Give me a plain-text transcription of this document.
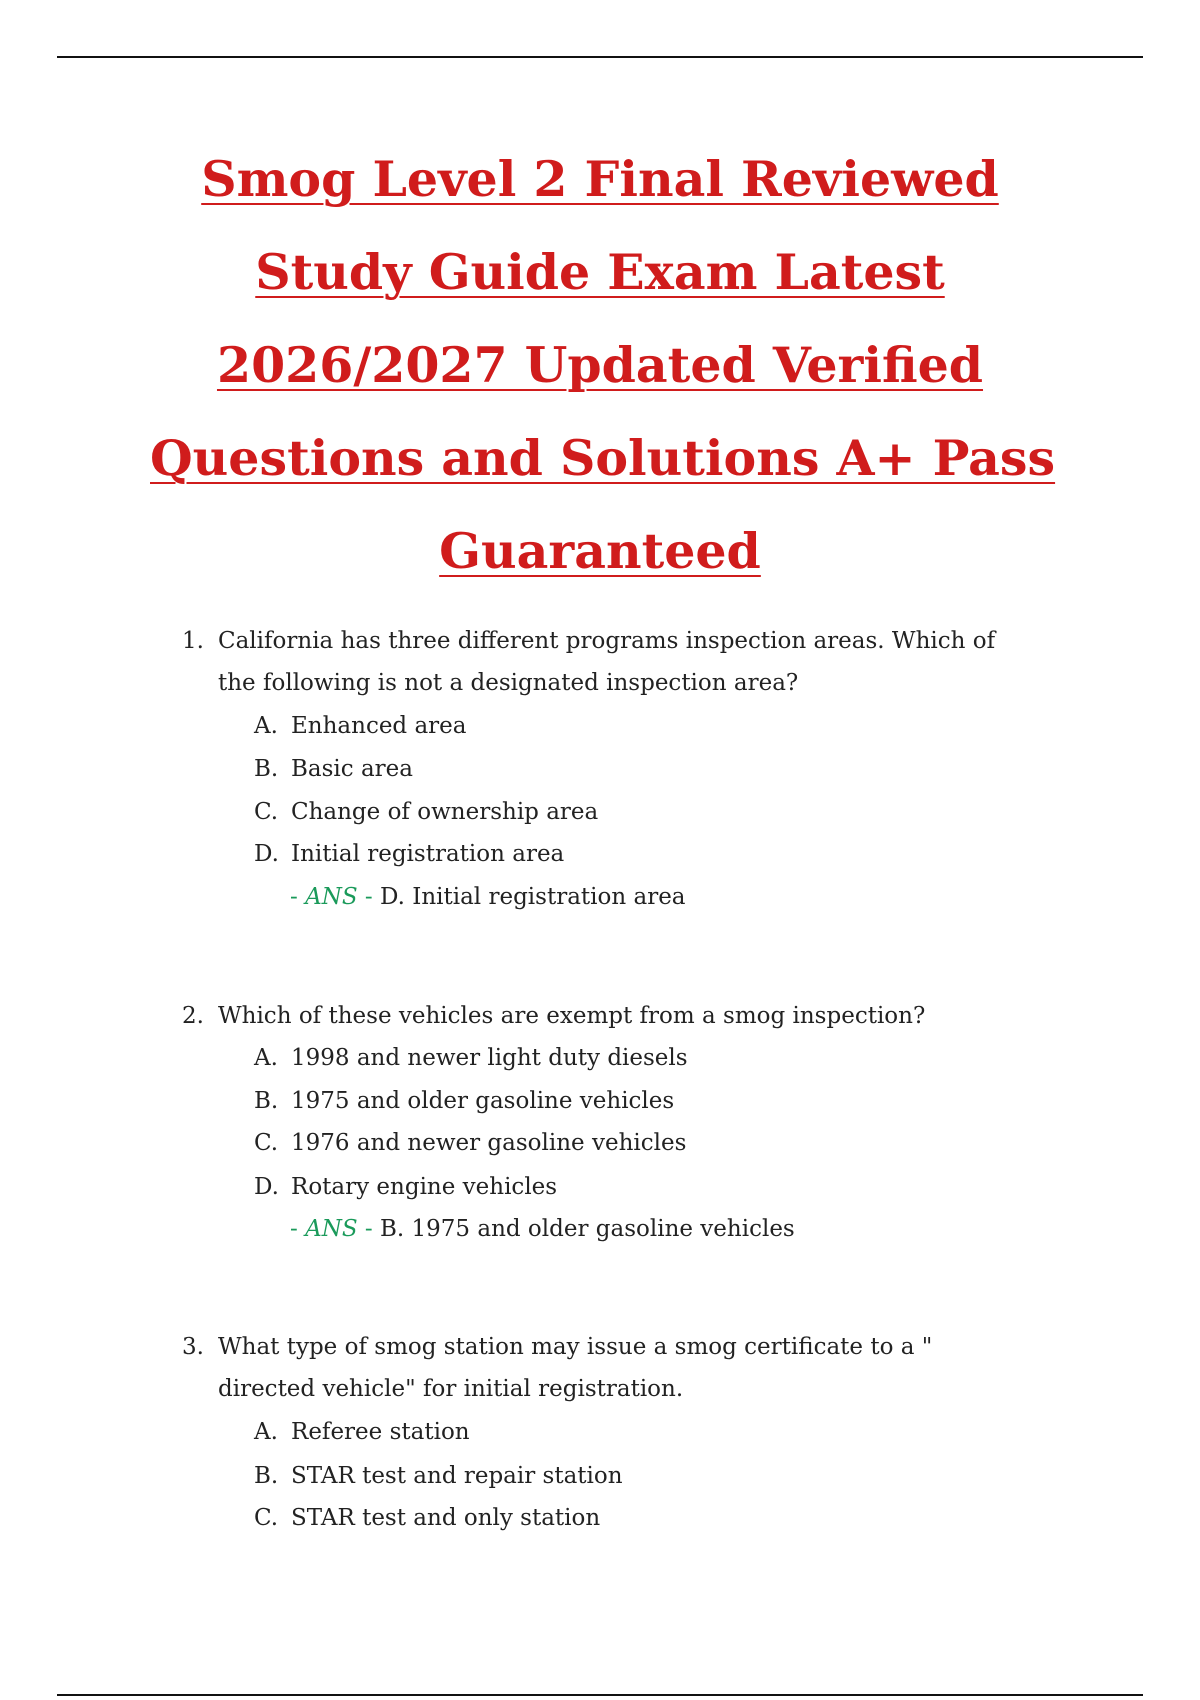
Smog Level 2 Final Reviewed
Study Guide Exam Latest
2026/2027 Updated Verified
Questions and Solutions A+ Pass
Guaranteed
1. California has three different programs inspection areas. Which of
the following is not a designated inspection area?
A. Enhanced area
B. Basic area
C. Change of ownership area
D. Initial registration area
- ANS - D. Initial registration area
2. Which of these vehicles are exempt from a smog inspection?
A. 1998 and newer light duty diesels
B. 1975 and older gasoline vehicles
C. 1976 and newer gasoline vehicles
D. Rotary engine vehicles
- ANS - B. 1975 and older gasoline vehicles
3. What type of smog station may issue a smog certificate to a "
directed vehicle" for initial registration.
A. Referee station
B. STAR test and repair station
C. STAR test and only station
